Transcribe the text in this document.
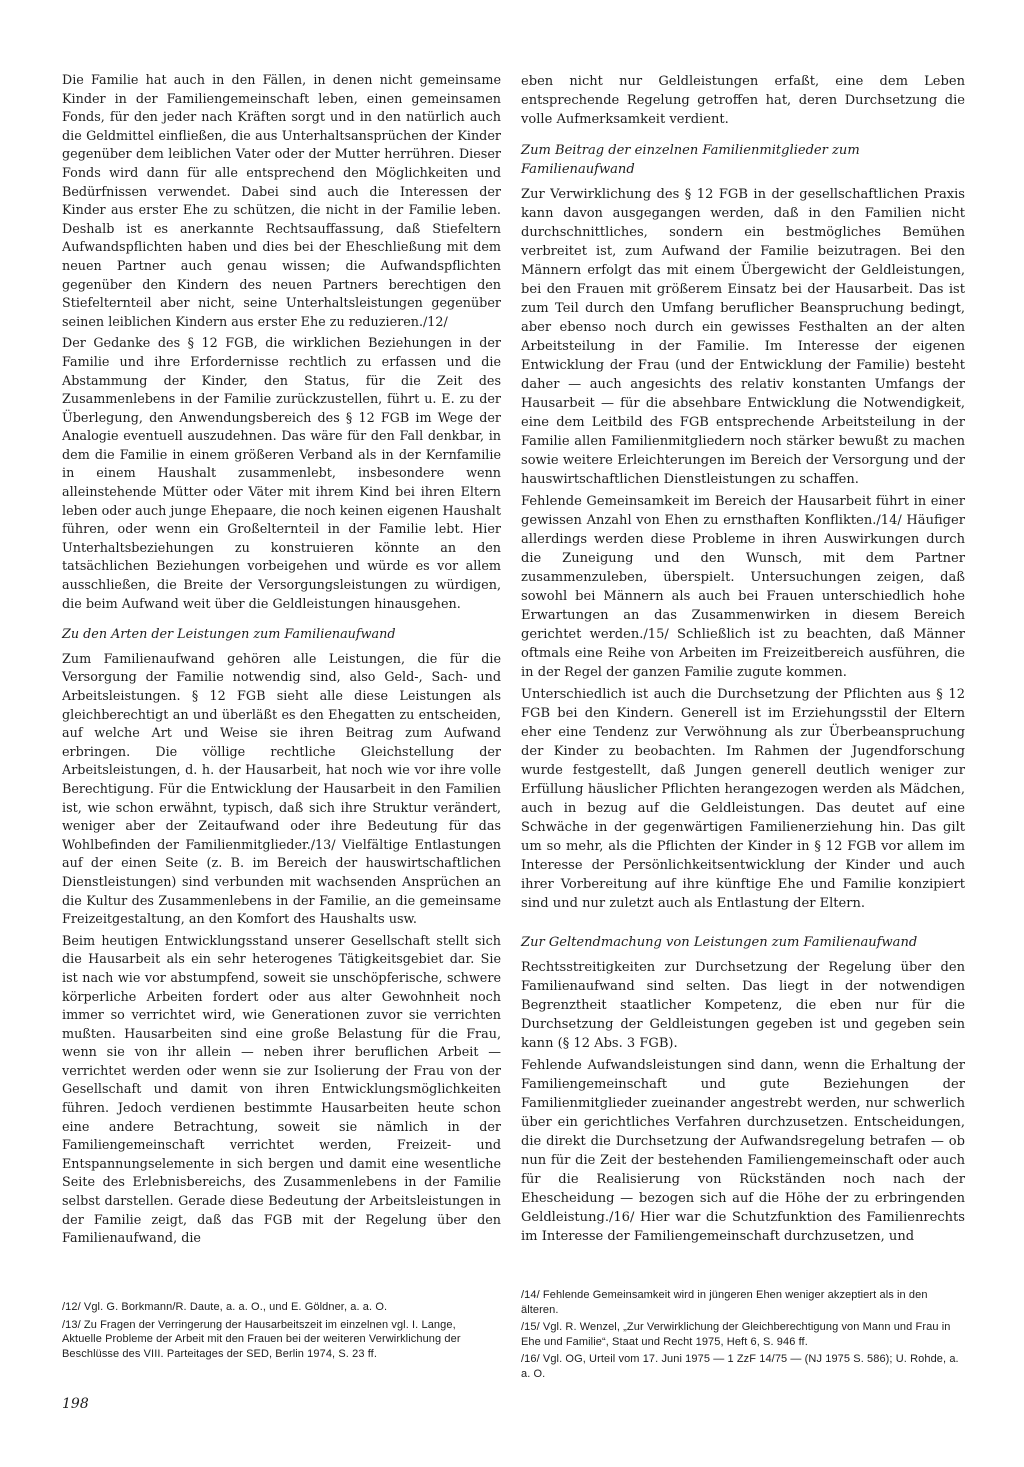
Die Familie hat auch in den Fällen, in denen nicht gemeinsame Kinder in der Familiengemeinschaft leben, einen gemeinsamen Fonds, für den jeder nach Kräften sorgt und in den natürlich auch die Geldmittel einfließen, die aus Unterhaltsansprüchen der Kinder gegenüber dem leiblichen Vater oder der Mutter herrühren. Dieser Fonds wird dann für alle entsprechend den Möglichkeiten und Bedürfnissen verwendet. Dabei sind auch die Interessen der Kinder aus erster Ehe zu schützen, die nicht in der Familie leben. Deshalb ist es anerkannte Rechtsauffassung, daß Stiefeltern Aufwandspflichten haben und dies bei der Eheschließung mit dem neuen Partner auch genau wissen; die Aufwandspflichten gegenüber den Kindern des neuen Partners berechtigen den Stiefelternteil aber nicht, seine Unterhaltsleistungen gegenüber seinen leiblichen Kindern aus erster Ehe zu reduzieren./12/

Der Gedanke des § 12 FGB, die wirklichen Beziehungen in der Familie und ihre Erfordernisse rechtlich zu erfassen und die Abstammung der Kinder, den Status, für die Zeit des Zusammenlebens in der Familie zurückzustellen, führt u. E. zu der Überlegung, den Anwendungsbereich des § 12 FGB im Wege der Analogie eventuell auszudehnen. Das wäre für den Fall denkbar, in dem die Familie in einem größeren Verband als in der Kernfamilie in einem Haushalt zusammenlebt, insbesondere wenn alleinstehende Mütter oder Väter mit ihrem Kind bei ihren Eltern leben oder auch junge Ehepaare, die noch keinen eigenen Haushalt führen, oder wenn ein Großelternteil in der Familie lebt. Hier Unterhaltsbeziehungen zu konstruieren könnte an den tatsächlichen Beziehungen vorbeigehen und würde es vor allem ausschließen, die Breite der Versorgungsleistungen zu würdigen, die beim Aufwand weit über die Geldleistungen hinausgehen.

Zu den Arten der Leistungen zum Familienaufwand

Zum Familienaufwand gehören alle Leistungen, die für die Versorgung der Familie notwendig sind, also Geld-, Sach- und Arbeitsleistungen. § 12 FGB sieht alle diese Leistungen als gleichberechtigt an und überläßt es den Ehegatten zu entscheiden, auf welche Art und Weise sie ihren Beitrag zum Aufwand erbringen. Die völlige rechtliche Gleichstellung der Arbeitsleistungen, d. h. der Hausarbeit, hat noch wie vor ihre volle Berechtigung. Für die Entwicklung der Hausarbeit in den Familien ist, wie schon erwähnt, typisch, daß sich ihre Struktur verändert, weniger aber der Zeitaufwand oder ihre Bedeutung für das Wohlbefinden der Familienmitglieder./13/ Vielfältige Entlastungen auf der einen Seite (z. B. im Bereich der hauswirtschaftlichen Dienstleistungen) sind verbunden mit wachsenden Ansprüchen an die Kultur des Zusammenlebens in der Familie, an die gemeinsame Freizeitgestaltung, an den Komfort des Haushalts usw.

Beim heutigen Entwicklungsstand unserer Gesellschaft stellt sich die Hausarbeit als ein sehr heterogenes Tätigkeitsgebiet dar. Sie ist nach wie vor abstumpfend, soweit sie unschöpferische, schwere körperliche Arbeiten fordert oder aus alter Gewohnheit noch immer so verrichtet wird, wie Generationen zuvor sie verrichten mußten. Hausarbeiten sind eine große Belastung für die Frau, wenn sie von ihr allein — neben ihrer beruflichen Arbeit — verrichtet werden oder wenn sie zur Isolierung der Frau von der Gesellschaft und damit von ihren Entwicklungsmöglichkeiten führen. Jedoch verdienen bestimmte Hausarbeiten heute schon eine andere Betrachtung, soweit sie nämlich in der Familiengemeinschaft verrichtet werden, Freizeit- und Entspannungselemente in sich bergen und damit eine wesentliche Seite des Erlebnisbereichs, des Zusammenlebens in der Familie selbst darstellen. Gerade diese Bedeutung der Arbeitsleistungen in der Familie zeigt, daß das FGB mit der Regelung über den Familienaufwand, die

eben nicht nur Geldleistungen erfaßt, eine dem Leben entsprechende Regelung getroffen hat, deren Durchsetzung die volle Aufmerksamkeit verdient.

Zum Beitrag der einzelnen Familienmitglieder zum Familienaufwand

Zur Verwirklichung des § 12 FGB in der gesellschaftlichen Praxis kann davon ausgegangen werden, daß in den Familien nicht durchschnittliches, sondern ein bestmögliches Bemühen verbreitet ist, zum Aufwand der Familie beizutragen. Bei den Männern erfolgt das mit einem Übergewicht der Geldleistungen, bei den Frauen mit größerem Einsatz bei der Hausarbeit. Das ist zum Teil durch den Umfang beruflicher Beanspruchung bedingt, aber ebenso noch durch ein gewisses Festhalten an der alten Arbeitsteilung in der Familie. Im Interesse der eigenen Entwicklung der Frau (und der Entwicklung der Familie) besteht daher — auch angesichts des relativ konstanten Umfangs der Hausarbeit — für die absehbare Entwicklung die Notwendigkeit, eine dem Leitbild des FGB entsprechende Arbeitsteilung in der Familie allen Familienmitgliedern noch stärker bewußt zu machen sowie weitere Erleichterungen im Bereich der Versorgung und der hauswirtschaftlichen Dienstleistungen zu schaffen.

Fehlende Gemeinsamkeit im Bereich der Hausarbeit führt in einer gewissen Anzahl von Ehen zu ernsthaften Konflikten./14/ Häufiger allerdings werden diese Probleme in ihren Auswirkungen durch die Zuneigung und den Wunsch, mit dem Partner zusammenzuleben, überspielt. Untersuchungen zeigen, daß sowohl bei Männern als auch bei Frauen unterschiedlich hohe Erwartungen an das Zusammenwirken in diesem Bereich gerichtet werden./15/ Schließlich ist zu beachten, daß Männer oftmals eine Reihe von Arbeiten im Freizeitbereich ausführen, die in der Regel der ganzen Familie zugute kommen.

Unterschiedlich ist auch die Durchsetzung der Pflichten aus § 12 FGB bei den Kindern. Generell ist im Erziehungsstil der Eltern eher eine Tendenz zur Verwöhnung als zur Überbeanspruchung der Kinder zu beobachten. Im Rahmen der Jugendforschung wurde festgestellt, daß Jungen generell deutlich weniger zur Erfüllung häuslicher Pflichten herangezogen werden als Mädchen, auch in bezug auf die Geldleistungen. Das deutet auf eine Schwäche in der gegenwärtigen Familienerziehung hin. Das gilt um so mehr, als die Pflichten der Kinder in § 12 FGB vor allem im Interesse der Persönlichkeitsentwicklung der Kinder und auch ihrer Vorbereitung auf ihre künftige Ehe und Familie konzipiert sind und nur zuletzt auch als Entlastung der Eltern.

Zur Geltendmachung von Leistungen zum Familienaufwand

Rechtsstreitigkeiten zur Durchsetzung der Regelung über den Familienaufwand sind selten. Das liegt in der notwendigen Begrenztheit staatlicher Kompetenz, die eben nur für die Durchsetzung der Geldleistungen gegeben ist und gegeben sein kann (§ 12 Abs. 3 FGB).

Fehlende Aufwandsleistungen sind dann, wenn die Erhaltung der Familiengemeinschaft und gute Beziehungen der Familienmitglieder zueinander angestrebt werden, nur schwerlich über ein gerichtliches Verfahren durchzusetzen. Entscheidungen, die direkt die Durchsetzung der Aufwandsregelung betrafen — ob nun für die Zeit der bestehenden Familiengemeinschaft oder auch für die Realisierung von Rückständen noch nach der Ehescheidung — bezogen sich auf die Höhe der zu erbringenden Geldleistung./16/ Hier war die Schutzfunktion des Familienrechts im Interesse der Familiengemeinschaft durchzusetzen, und

/12/ Vgl. G. Borkmann/R. Daute, a. a. O., und E. Göldner, a. a. O.

/13/ Zu Fragen der Verringerung der Hausarbeitszeit im einzelnen vgl. I. Lange, Aktuelle Probleme der Arbeit mit den Frauen bei der weiteren Verwirklichung der Beschlüsse des VIII. Parteitages der SED, Berlin 1974, S. 23 ff.

/14/ Fehlende Gemeinsamkeit wird in jüngeren Ehen weniger akzeptiert als in den älteren.

/15/ Vgl. R. Wenzel, „Zur Verwirklichung der Gleichberechtigung von Mann und Frau in Ehe und Familie“, Staat und Recht 1975, Heft 6, S. 946 ff.

/16/ Vgl. OG, Urteil vom 17. Juni 1975 — 1 ZzF 14/75 — (NJ 1975 S. 586); U. Rohde, a. a. O.

198
